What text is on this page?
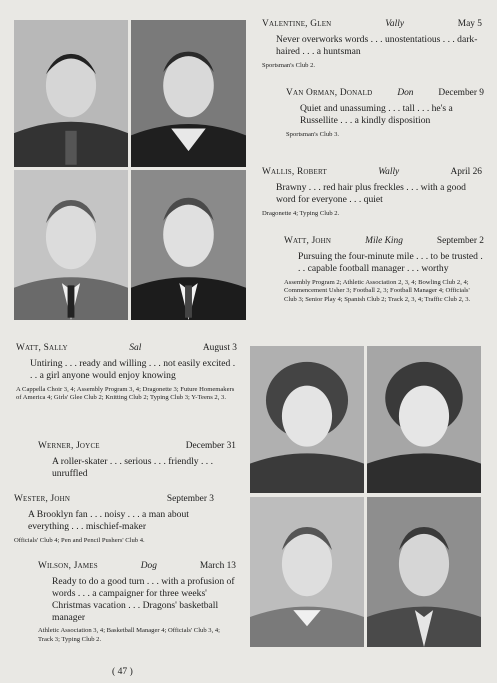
Valentine, Glen	Vally	May 5
Never overworks words . . . unostentatious . . . dark-haired . . . a huntsman
Sportsman's Club 2.
Van Orman, Donald	Don	December 9
Quiet and unassuming . . . tall . . . he's a Russellite . . . a kindly disposition
Sportsman's Club 3.
Wallis, Robert	Wally	April 26
Brawny . . . red hair plus freckles . . . with a good word for everyone . . . quiet
Dragonette 4; Typing Club 2.
Watt, John	Mile King	September 2
Pursuing the four-minute mile . . . to be trusted . . . capable football manager . . . worthy
Assembly Program 2; Athletic Association 2, 3, 4; Bowling Club 2, 4; Commencement Usher 3; Football 2, 3; Football Manager 4; Officials' Club 3; Senior Play 4; Spanish Club 2; Track 2, 3, 4; Traffic Club 2, 3.
Watt, Sally	Sal	August 3
Untiring . . . ready and willing . . . not easily excited . . . a girl anyone would enjoy knowing
A Cappella Choir 3, 4; Assembly Program 3, 4; Dragonette 3; Future Homemakers of America 4; Girls' Glee Club 2; Knitting Club 2; Typing Club 3; Y-Teens 2, 3.
Werner, Joyce	December 31
A roller-skater . . . serious . . . friendly . . . unruffled
Wester, John	September 3
A Brooklyn fan . . . noisy . . . a man about everything . . . mischief-maker
Officials' Club 4; Pen and Pencil Pushers' Club 4.
Wilson, James	Dog	March 13
Ready to do a good turn . . . with a profusion of words . . . a campaigner for three weeks' Christmas vacation . . . Dragons' basketball manager
Athletic Association 3, 4; Basketball Manager 4; Officials' Club 3, 4; Track 3; Typing Club 2.
( 47 )
